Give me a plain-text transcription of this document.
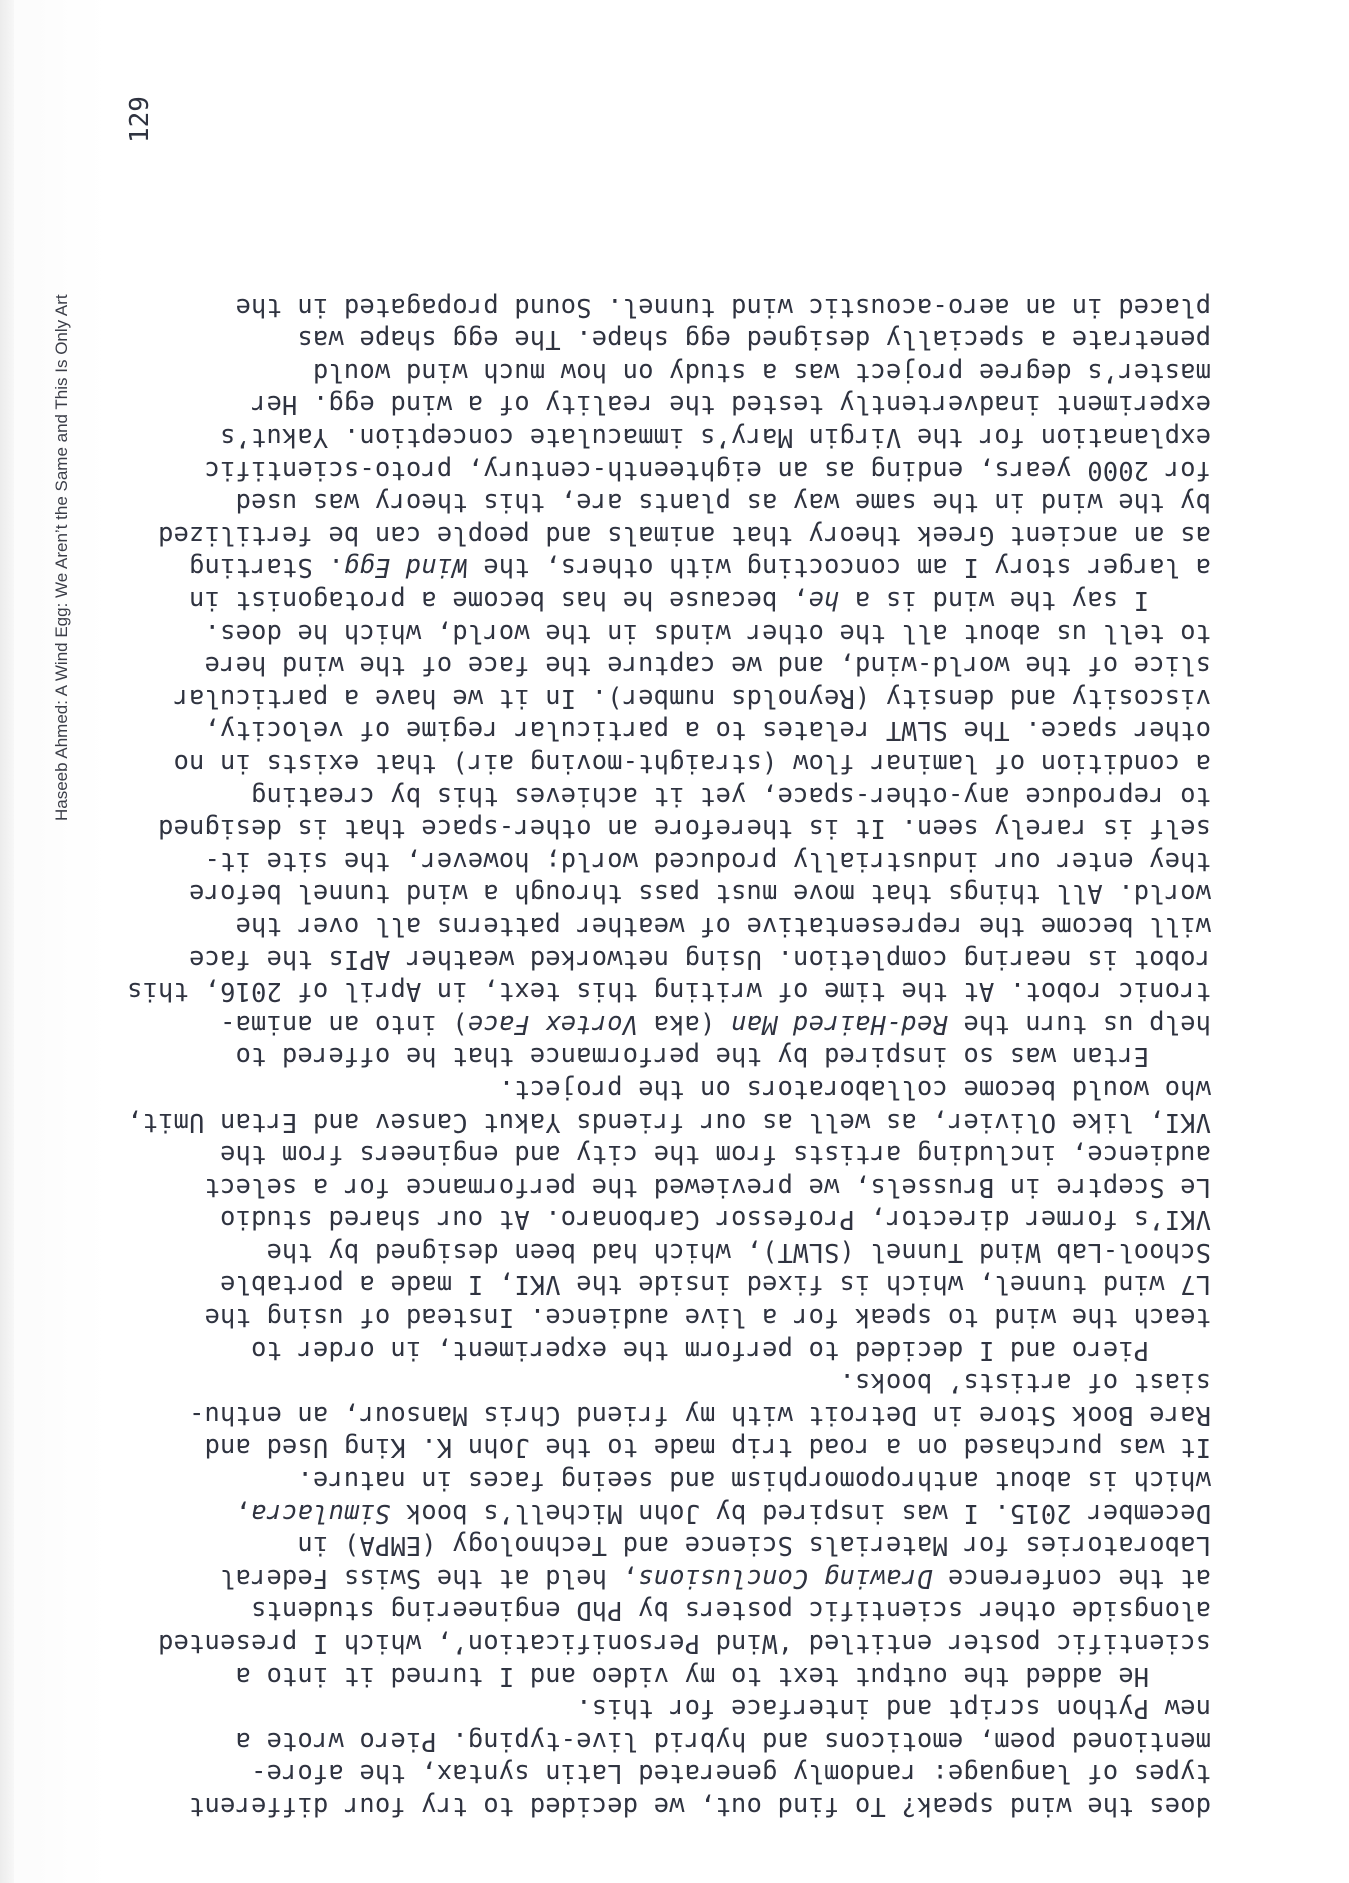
does the wind speak? To find out, we decided to try four different
types of language: randomly generated Latin syntax, the afore-
mentioned poem, emoticons and hybrid live-typing. Piero wrote a
new Python script and interface for this.
He added the output text to my video and I turned it into a
scientific poster entitled ‘Wind Personification’, which I presented
alongside other scientific posters by PhD engineering students
at the conference Drawing Conclusions, held at the Swiss Federal
Laboratories for Materials Science and Technology (EMPA) in
December 2015. I was inspired by John Michell’s book Simulacra,
which is about anthropomorphism and seeing faces in nature.
It was purchased on a road trip made to the John K. King Used and
Rare Book Store in Detroit with my friend Chris Mansour, an enthu-
siast of artists’ books.
Piero and I decided to perform the experiment, in order to
teach the wind to speak for a live audience. Instead of using the
L7 wind tunnel, which is fixed inside the VKI, I made a portable
School-Lab Wind Tunnel (SLWT), which had been designed by the
VKI’s former director, Professor Carbonaro. At our shared studio
Le Sceptre in Brussels, we previewed the performance for a select
audience, including artists from the city and engineers from the
VKI, like Olivier, as well as our friends Yakut Cansev and Ertan Umit,
who would become collaborators on the project.
Ertan was so inspired by the performance that he offered to
help us turn the Red-Haired Man (aka Vortex Face) into an anima-
tronic robot. At the time of writing this text, in April of 2016, this
robot is nearing completion. Using networked weather APIs the face
will become the representative of weather patterns all over the
world. All things that move must pass through a wind tunnel before
they enter our industrially produced world; however, the site it-
self is rarely seen. It is therefore an other-space that is designed
to reproduce any-other-space, yet it achieves this by creating
a condition of laminar flow (straight-moving air) that exists in no
other space. The SLWT relates to a particular regime of velocity,
viscosity and density (Reynolds number). In it we have a particular
slice of the world-wind, and we capture the face of the wind here
to tell us about all the other winds in the world, which he does.
I say the wind is a he, because he has become a protagonist in
a larger story I am concocting with others, the Wind Egg. Starting
as an ancient Greek theory that animals and people can be fertilized
by the wind in the same way as plants are, this theory was used
for 2000 years, ending as an eighteenth-century, proto-scientific
explanation for the Virgin Mary’s immaculate conception. Yakut’s
experiment inadvertently tested the reality of a wind egg. Her
master’s degree project was a study on how much wind would
penetrate a specially designed egg shape. The egg shape was
placed in an aero-acoustic wind tunnel. Sound propagated in the
129
Haseeb Ahmed: A Wind Egg: We Aren’t the Same and This Is Only Art
